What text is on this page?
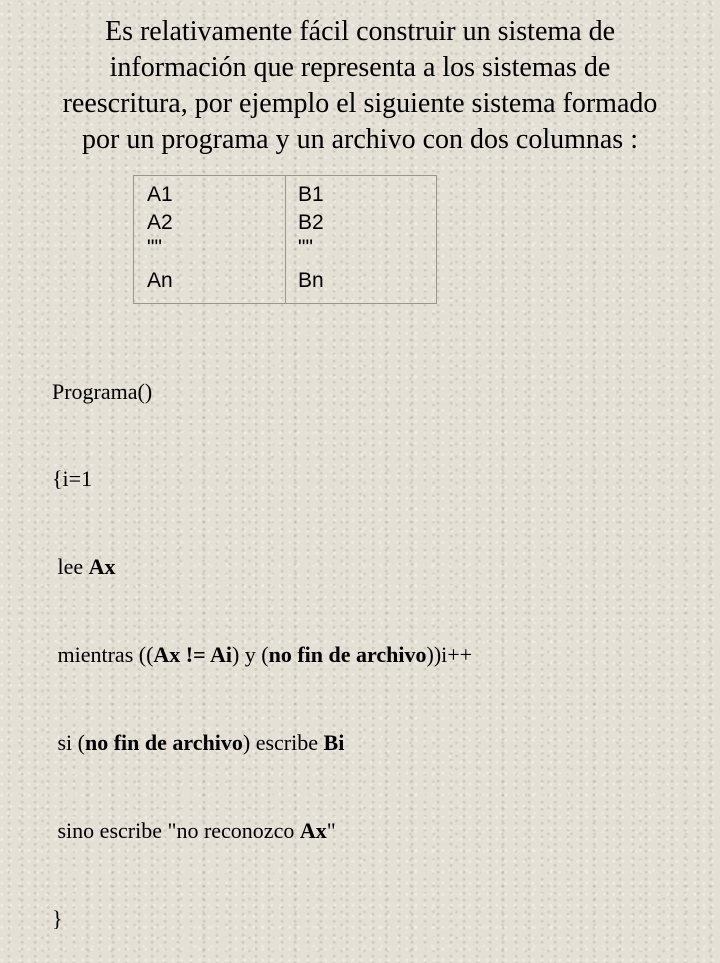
Es relativamente fácil construir un sistema de
información que representa a los sistemas de
reescritura, por ejemplo el siguiente sistema formado
por un programa y un archivo con dos columnas :
A1
A2
""
An
B1
B2
""
Bn

Programa()

{i=1

lee Ax

mientras ((Ax != Ai) y (no fin de archivo))i++

si (no fin de archivo) escribe Bi

sino escribe "no reconozco Ax"

}
